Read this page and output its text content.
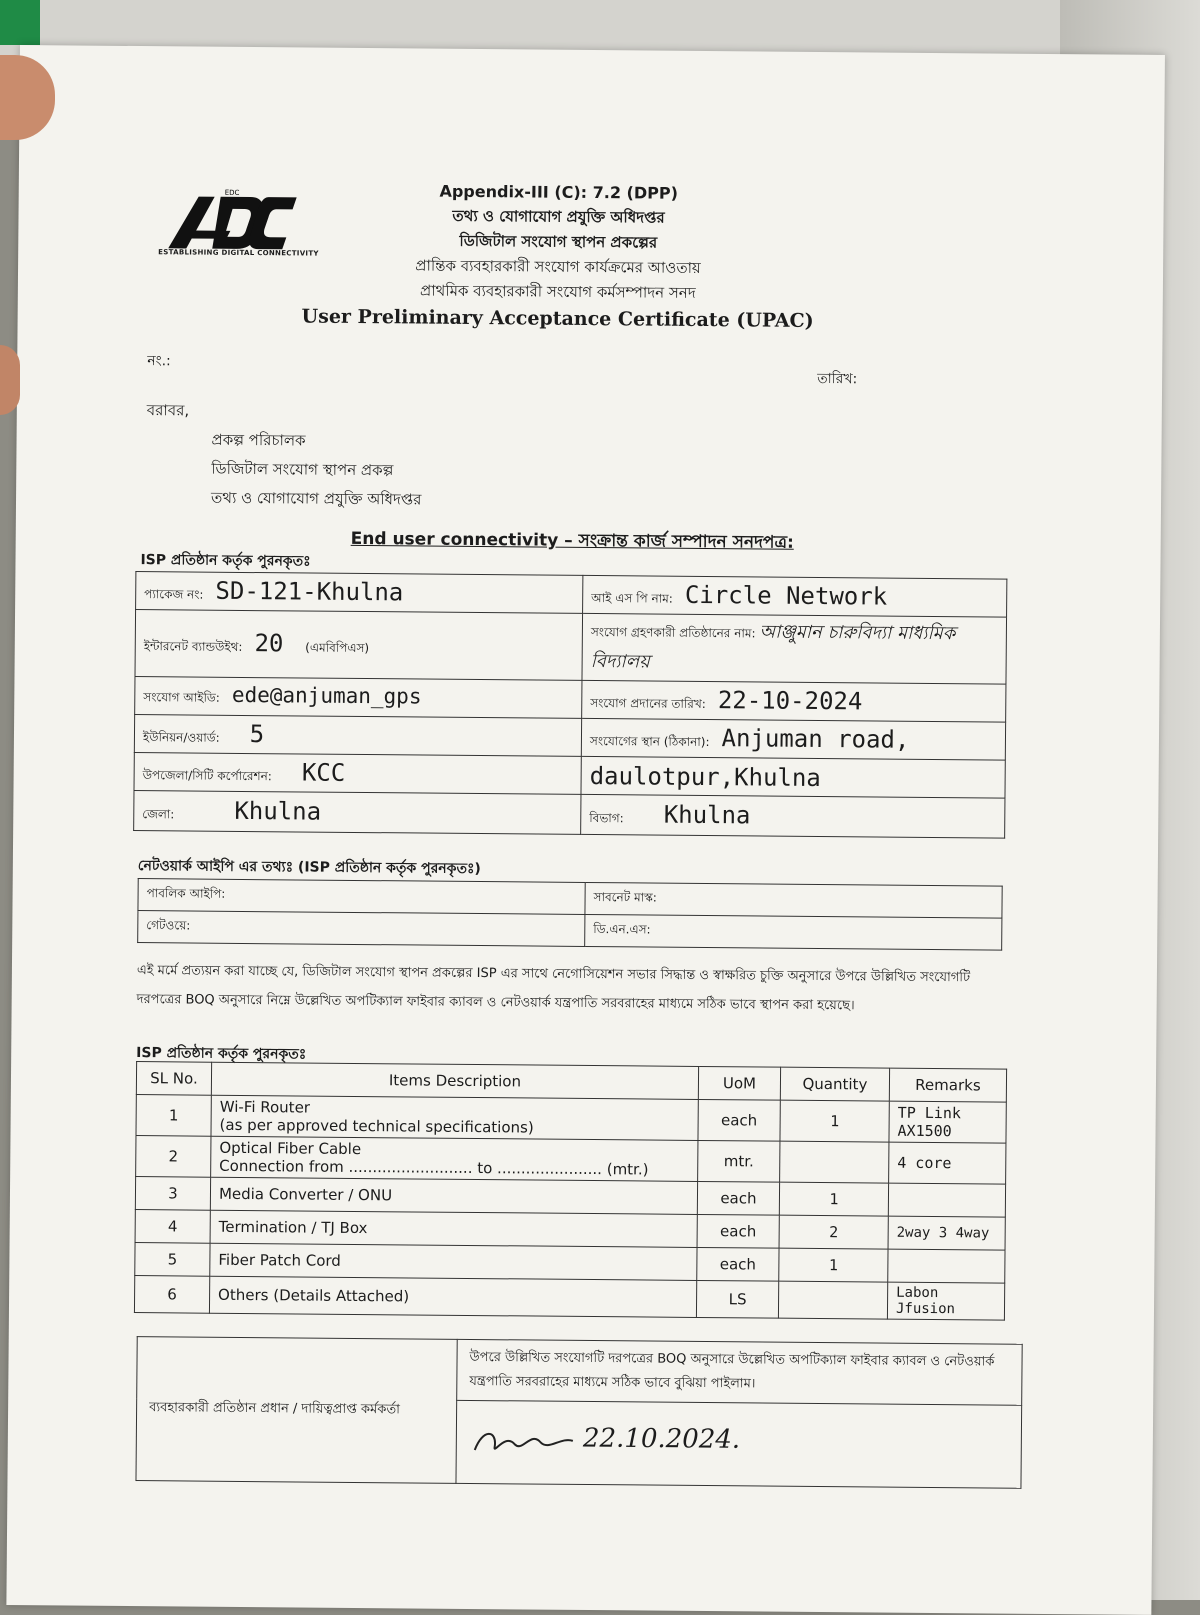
EDC
ESTABLISHING DIGITAL CONNECTIVITY
Appendix-III (C): 7.2 (DPP)
তথ্য ও যোগাযোগ প্রযুক্তি অধিদপ্তর
ডিজিটাল সংযোগ স্থাপন প্রকল্পের
প্রান্তিক ব্যবহারকারী সংযোগ কার্যক্রমের আওতায়
প্রাথমিক ব্যবহারকারী সংযোগ কর্মসম্পাদন সনদ
User Preliminary Acceptance Certificate (UPAC)
নং.:
তারিখ:
বরাবর,
প্রকল্প পরিচালক
ডিজিটাল সংযোগ স্থাপন প্রকল্প
তথ্য ও যোগাযোগ প্রযুক্তি অধিদপ্তর
End user connectivity – সংক্রান্ত কার্জ সম্পাদন সনদপত্র:
ISP প্রতিষ্ঠান কর্তৃক পুরনকৃতঃ
প্যাকেজ নং: SD-121-Khulna	আই এস পি নাম: Circle Network
ইন্টারনেট ব্যান্ডউইথ: 20 (এমবিপিএস)	সংযোগ গ্রহণকারী প্রতিষ্ঠানের নাম: আঞ্জুমান চারুবিদ্যা মাধ্যমিক বিদ্যালয়
সংযোগ আইডি: ede@anjuman_gps	সংযোগ প্রদানের তারিখ: 22-10-2024
ইউনিয়ন/ওয়ার্ড: 5	সংযোগের স্থান (ঠিকানা): Anjuman road,
উপজেলা/সিটি কর্পোরেশন: KCC	daulotpur,Khulna
জেলা: Khulna	বিভাগ: Khulna
নেটওয়ার্ক আইপি এর তথ্যঃ (ISP প্রতিষ্ঠান কর্তৃক পুরনকৃতঃ)
পাবলিক আইপি:	সাবনেট মাস্ক:
গেটওয়ে:	ডি.এন.এস:
এই মর্মে প্রত্যয়ন করা যাচ্ছে যে, ডিজিটাল সংযোগ স্থাপন প্রকল্পের ISP এর সাথে নেগোসিয়েশন সভার সিদ্ধান্ত ও স্বাক্ষরিত চুক্তি অনুসারে উপরে উল্লিখিত সংযোগটি দরপত্রের BOQ অনুসারে নিম্নে উল্লেখিত অপটিক্যাল ফাইবার ক্যাবল ও নেটওয়ার্ক যন্ত্রপাতি সরবরাহের মাধ্যমে সঠিক ভাবে স্থাপন করা হয়েছে।
ISP প্রতিষ্ঠান কর্তৃক পুরনকৃতঃ
SL No.	Items Description	UoM	Quantity	Remarks
1	Wi-Fi Router
(as per approved technical specifications)	each	1	TP Link AX1500
2	Optical Fiber Cable
Connection from .......................... to ...................... (mtr.)	mtr.		4 core
3	Media Converter / ONU	each	1	
4	Termination / TJ Box	each	2	2way 3 4way
5	Fiber Patch Cord	each	1	
6	Others (Details Attached)	LS		Labon Jfusion
ব্যবহারকারী প্রতিষ্ঠান প্রধান / দায়িত্বপ্রাপ্ত কর্মকর্তা	উপরে উল্লিখিত সংযোগটি দরপত্রের BOQ অনুসারে উল্লেখিত অপটিক্যাল ফাইবার ক্যাবল ও নেটওয়ার্ক যন্ত্রপাতি সরবরাহের মাধ্যমে সঠিক ভাবে বুঝিয়া পাইলাম।
22.10.2024.
